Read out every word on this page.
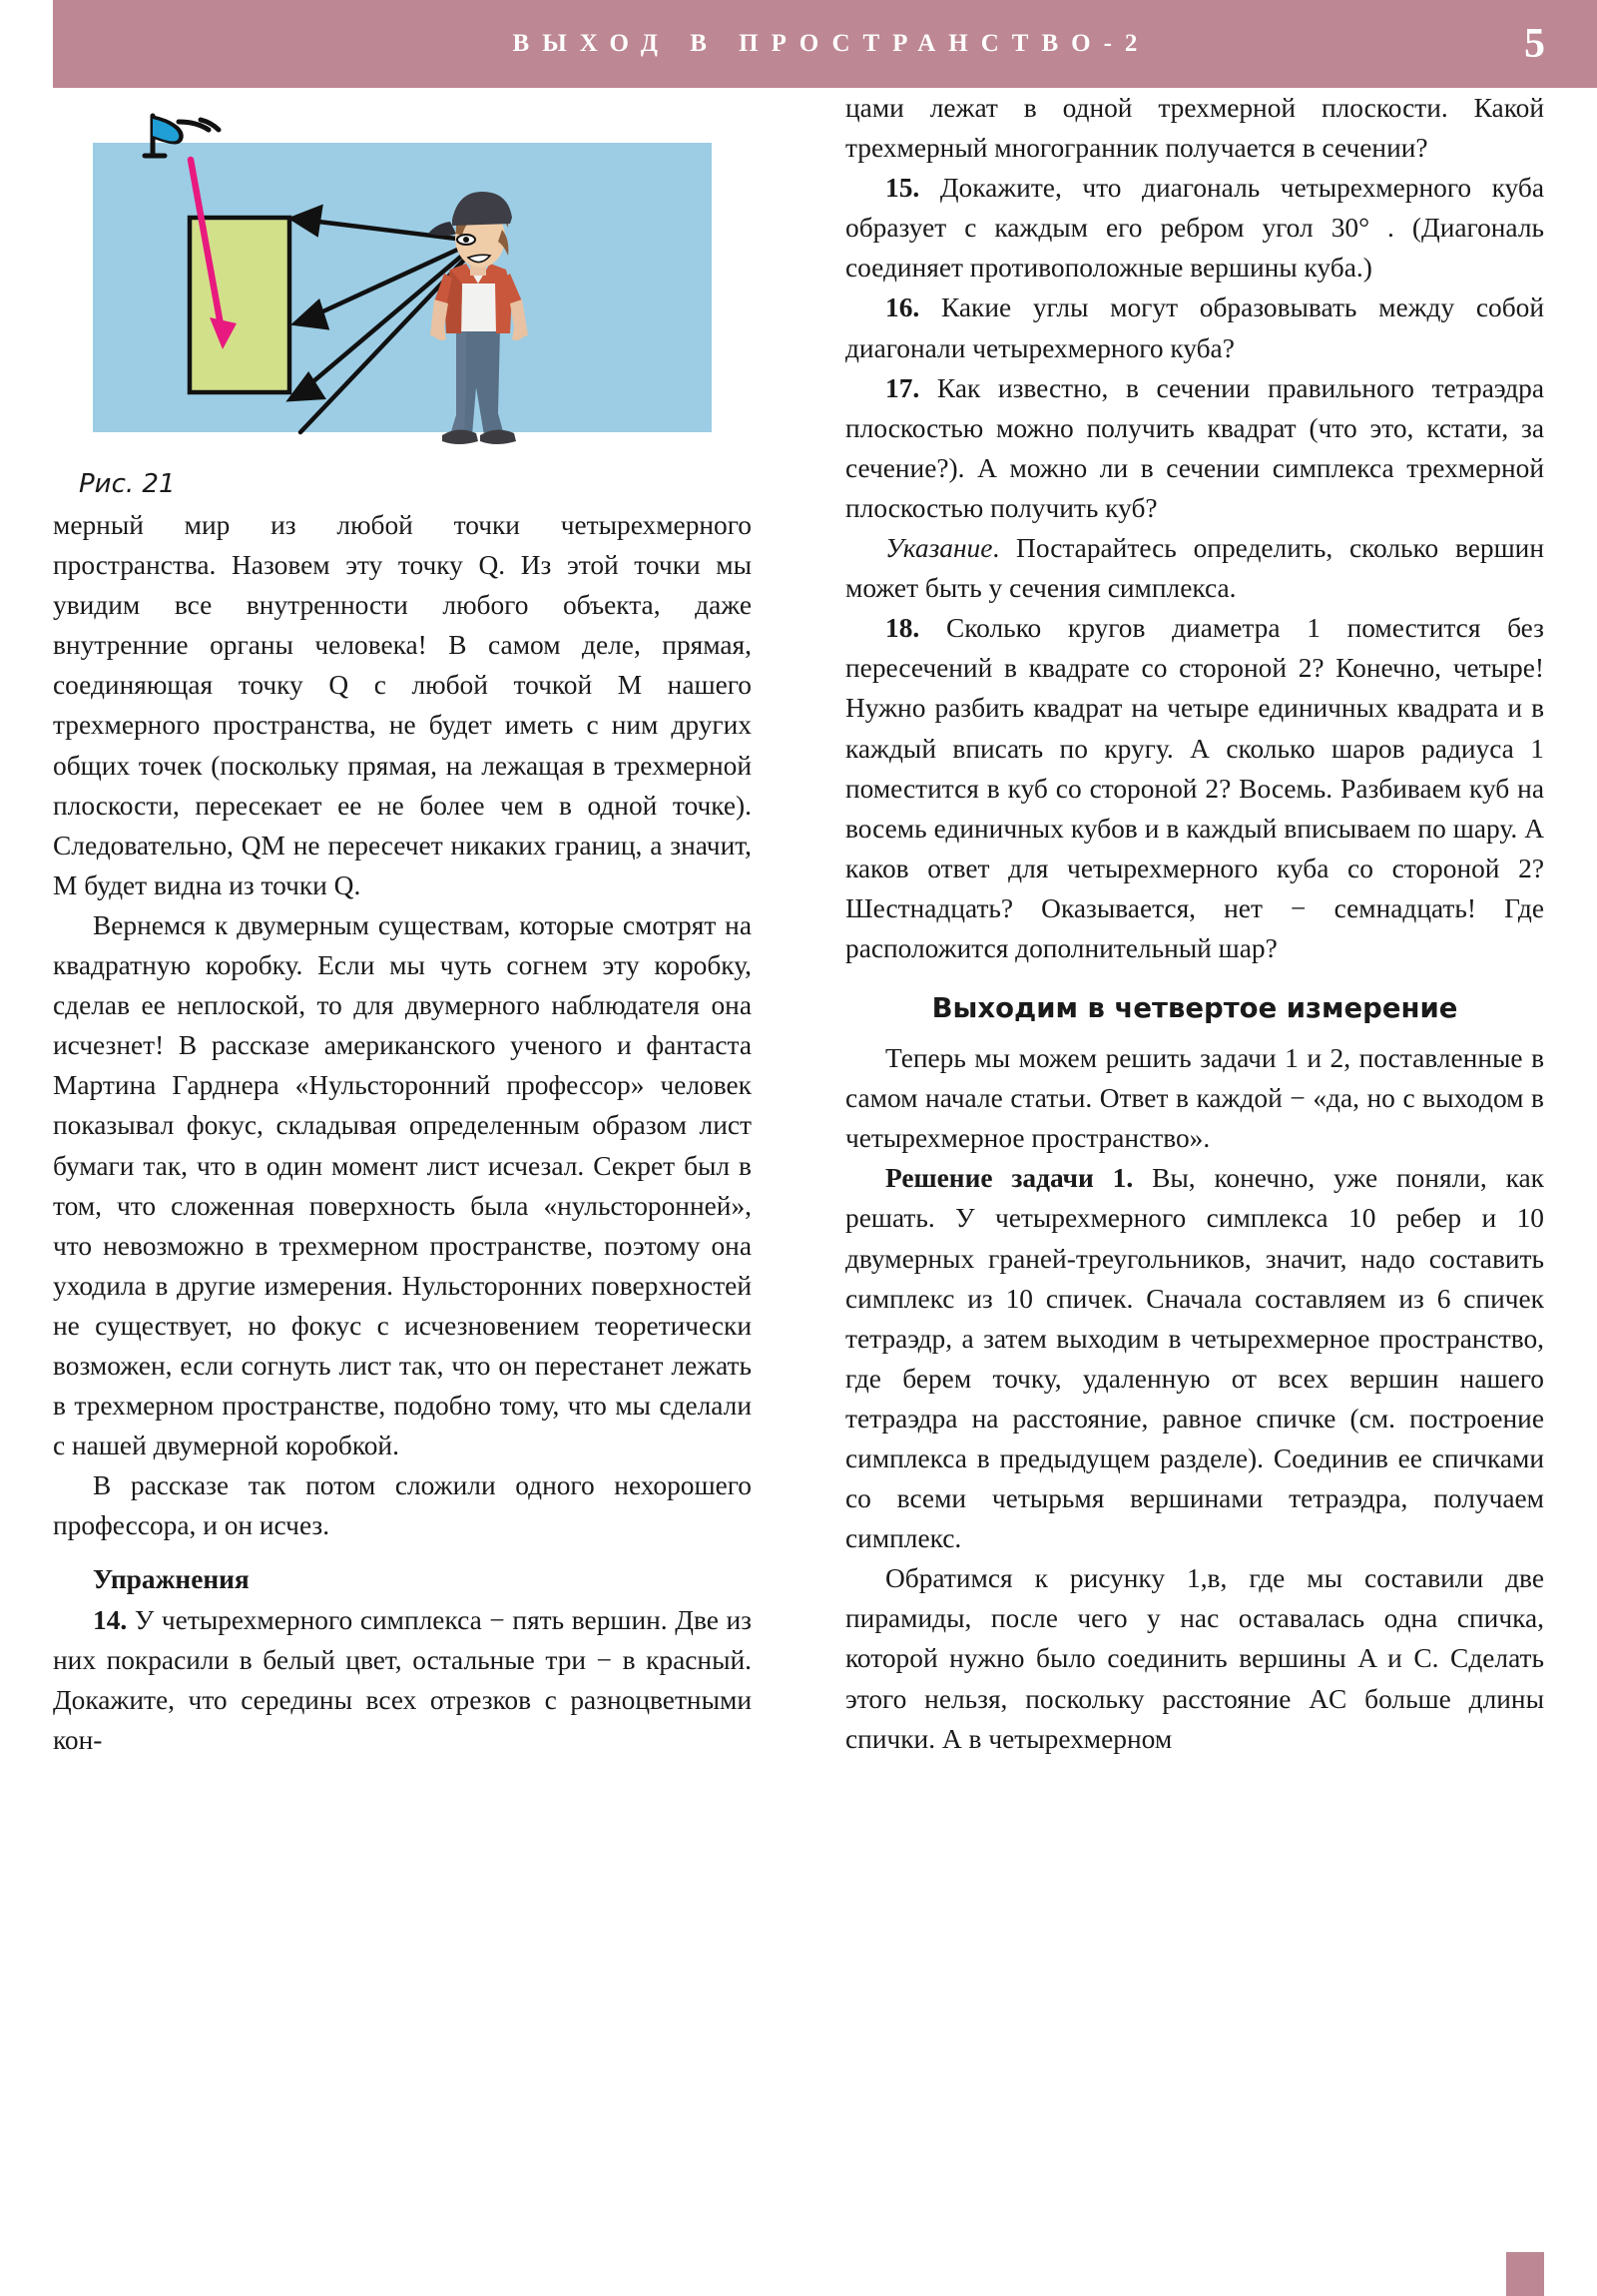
ВЫХОД В ПРОСТРАНСТВО-2	5
Рис. 21

мерный мир из любой точки четырехмерного пространства. Назовем эту точку Q. Из этой точки мы увидим все внутренности любого объекта, даже внутренние органы человека! В самом деле, прямая, соединяющая точку Q с любой точкой M нашего трехмерного пространства, не будет иметь с ним других общих точек (поскольку прямая, на лежащая в трехмерной плоскости, пересекает ее не более чем в одной точке). Следовательно, QM не пересечет никаких границ, а значит, M будет видна из точки Q.

Вернемся к двумерным существам, которые смотрят на квадратную коробку. Если мы чуть согнем эту коробку, сделав ее неплоской, то для двумерного наблюдателя она исчезнет! В рассказе американского ученого и фантаста Мартина Гарднера «Нульсторонний профессор» человек показывал фокус, складывая определенным образом лист бумаги так, что в один момент лист исчезал. Секрет был в том, что сложенная поверхность была «нульсторонней», что невозможно в трехмерном пространстве, поэтому она уходила в другие измерения. Нульсторонних поверхностей не существует, но фокус с исчезновением теоретически возможен, если согнуть лист так, что он перестанет лежать в трехмерном пространстве, подобно тому, что мы сделали с нашей двумерной коробкой.

В рассказе так потом сложили одного нехорошего профессора, и он исчез.

Упражнения

14. У четырехмерного симплекса − пять вершин. Две из них покрасили в белый цвет, остальные три − в красный. Докажите, что середины всех отрезков с разноцветными кон-

цами лежат в одной трехмерной плоскости. Какой трехмерный многогранник получается в сечении?

15. Докажите, что диагональ четырехмерного куба образует с каждым его ребром угол 30° . (Диагональ соединяет противоположные вершины куба.)

16. Какие углы могут образовывать между собой диагонали четырехмерного куба?

17. Как известно, в сечении правильного тетраэдра плоскостью можно получить квадрат (что это, кстати, за сечение?). А можно ли в сечении симплекса трехмерной плоскостью получить куб?

Указание. Постарайтесь определить, сколько вершин может быть у сечения симплекса.

18. Сколько кругов диаметра 1 поместится без пересечений в квадрате со стороной 2? Конечно, четыре! Нужно разбить квадрат на четыре единичных квадрата и в каждый вписать по кругу. А сколько шаров радиуса 1 поместится в куб со стороной 2? Восемь. Разбиваем куб на восемь единичных кубов и в каждый вписываем по шару. А каков ответ для четырехмерного куба со стороной 2? Шестнадцать? Оказывается, нет − семнадцать! Где расположится дополнительный шар?

Выходим в четвертое измерение

Теперь мы можем решить задачи 1 и 2, поставленные в самом начале статьи. Ответ в каждой − «да, но с выходом в четырехмерное пространство».

Решение задачи 1. Вы, конечно, уже поняли, как решать. У четырехмерного симплекса 10 ребер и 10 двумерных граней-треугольников, значит, надо составить симплекс из 10 спичек. Сначала составляем из 6 спичек тетраэдр, а затем выходим в четырехмерное пространство, где берем точку, удаленную от всех вершин нашего тетраэдра на расстояние, равное спичке (см. построение симплекса в предыдущем разделе). Соединив ее спичками со всеми четырьмя вершинами тетраэдра, получаем симплекс.

Обратимся к рисунку 1,в, где мы составили две пирамиды, после чего у нас оставалась одна спичка, которой нужно было соединить вершины A и C. Сделать этого нельзя, поскольку расстояние AC больше длины спички. А в четырехмерном
